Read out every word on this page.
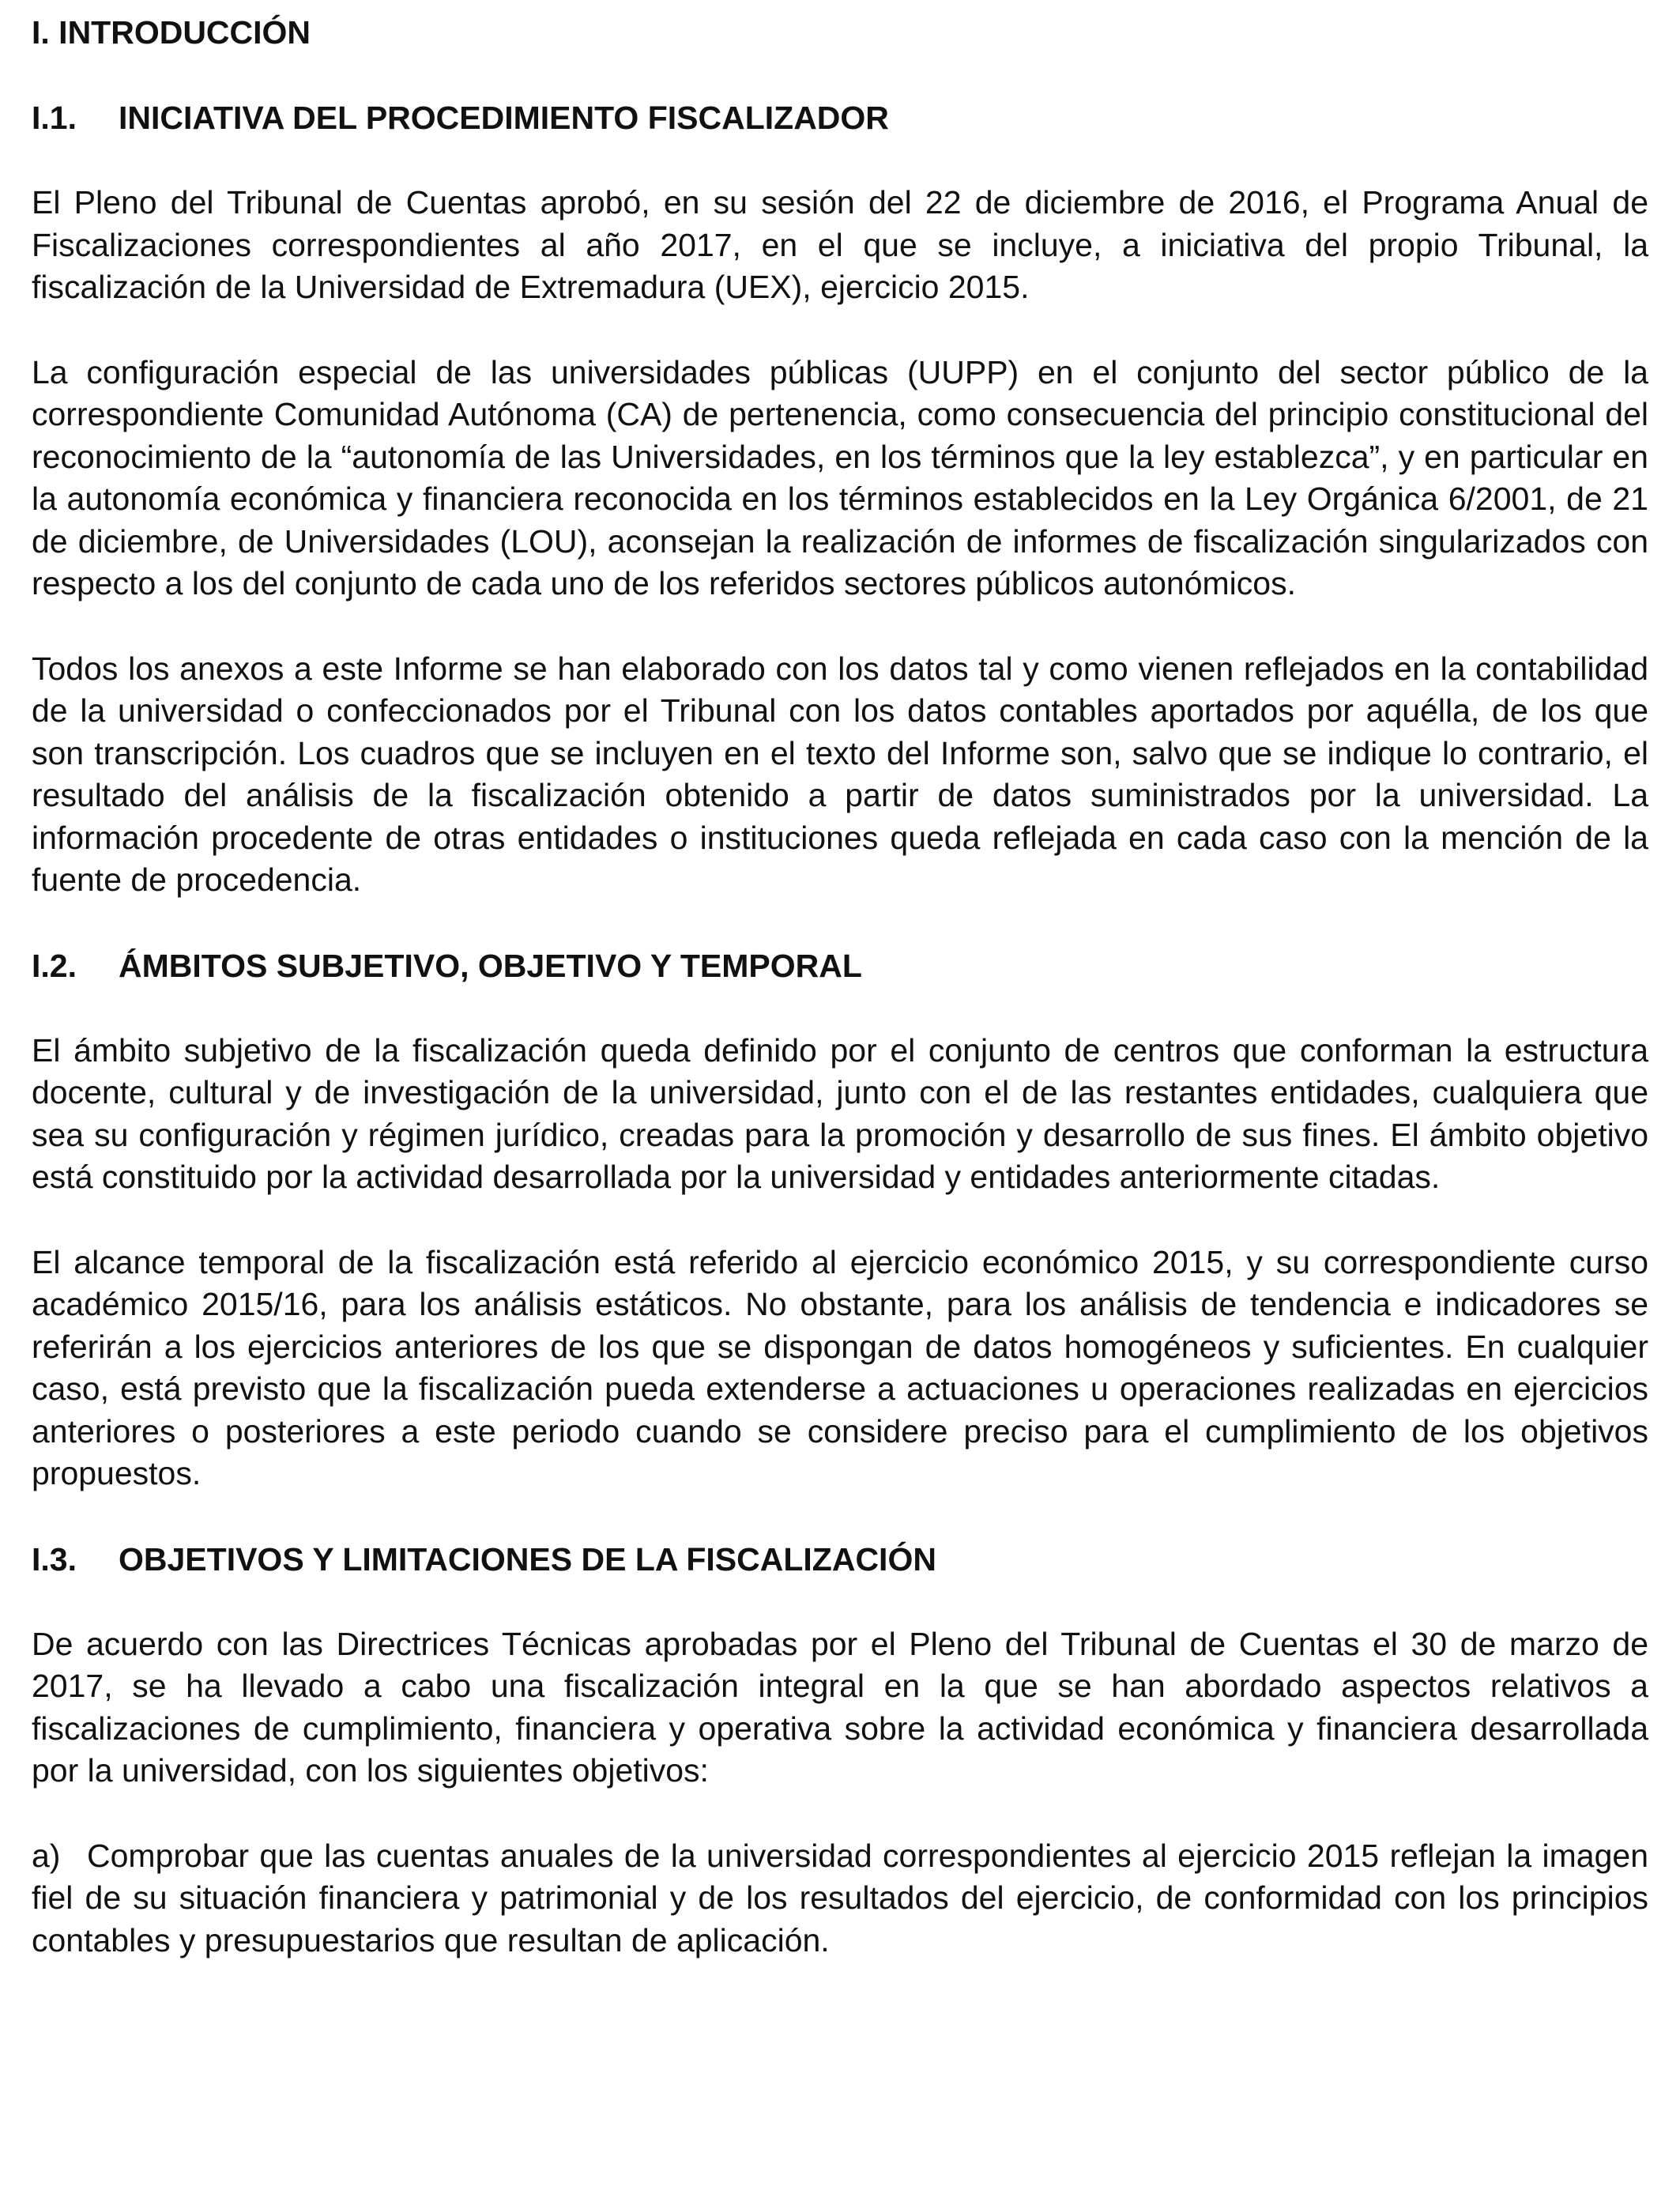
I. INTRODUCCIÓN
I.1. INICIATIVA DEL PROCEDIMIENTO FISCALIZADOR

El Pleno del Tribunal de Cuentas aprobó, en su sesión del 22 de diciembre de 2016, el Programa Anual de Fiscalizaciones correspondientes al año 2017, en el que se incluye, a iniciativa del propio Tribunal, la fiscalización de la Universidad de Extremadura (UEX), ejercicio 2015.

La configuración especial de las universidades públicas (UUPP) en el conjunto del sector público de la correspondiente Comunidad Autónoma (CA) de pertenencia, como consecuencia del principio constitucional del reconocimiento de la “autonomía de las Universidades, en los términos que la ley establezca”, y en particular en la autonomía económica y financiera reconocida en los términos establecidos en la Ley Orgánica 6/2001, de 21 de diciembre, de Universidades (LOU), aconsejan la realización de informes de fiscalización singularizados con respecto a los del conjunto de cada uno de los referidos sectores públicos autonómicos.

Todos los anexos a este Informe se han elaborado con los datos tal y como vienen reflejados en la contabilidad de la universidad o confeccionados por el Tribunal con los datos contables aportados por aquélla, de los que son transcripción. Los cuadros que se incluyen en el texto del Informe son, salvo que se indique lo contrario, el resultado del análisis de la fiscalización obtenido a partir de datos suministrados por la universidad. La información procedente de otras entidades o instituciones queda reflejada en cada caso con la mención de la fuente de procedencia.

I.2. ÁMBITOS SUBJETIVO, OBJETIVO Y TEMPORAL

El ámbito subjetivo de la fiscalización queda definido por el conjunto de centros que conforman la estructura docente, cultural y de investigación de la universidad, junto con el de las restantes entidades, cualquiera que sea su configuración y régimen jurídico, creadas para la promoción y desarrollo de sus fines. El ámbito objetivo está constituido por la actividad desarrollada por la universidad y entidades anteriormente citadas.

El alcance temporal de la fiscalización está referido al ejercicio económico 2015, y su correspondiente curso académico 2015/16, para los análisis estáticos. No obstante, para los análisis de tendencia e indicadores se referirán a los ejercicios anteriores de los que se dispongan de datos homogéneos y suficientes. En cualquier caso, está previsto que la fiscalización pueda extenderse a actuaciones u operaciones realizadas en ejercicios anteriores o posteriores a este periodo cuando se considere preciso para el cumplimiento de los objetivos propuestos.

I.3. OBJETIVOS Y LIMITACIONES DE LA FISCALIZACIÓN

De acuerdo con las Directrices Técnicas aprobadas por el Pleno del Tribunal de Cuentas el 30 de marzo de 2017, se ha llevado a cabo una fiscalización integral en la que se han abordado aspectos relativos a fiscalizaciones de cumplimiento, financiera y operativa sobre la actividad económica y financiera desarrollada por la universidad, con los siguientes objetivos:

a) Comprobar que las cuentas anuales de la universidad correspondientes al ejercicio 2015 reflejan la imagen fiel de su situación financiera y patrimonial y de los resultados del ejercicio, de conformidad con los principios contables y presupuestarios que resultan de aplicación.
